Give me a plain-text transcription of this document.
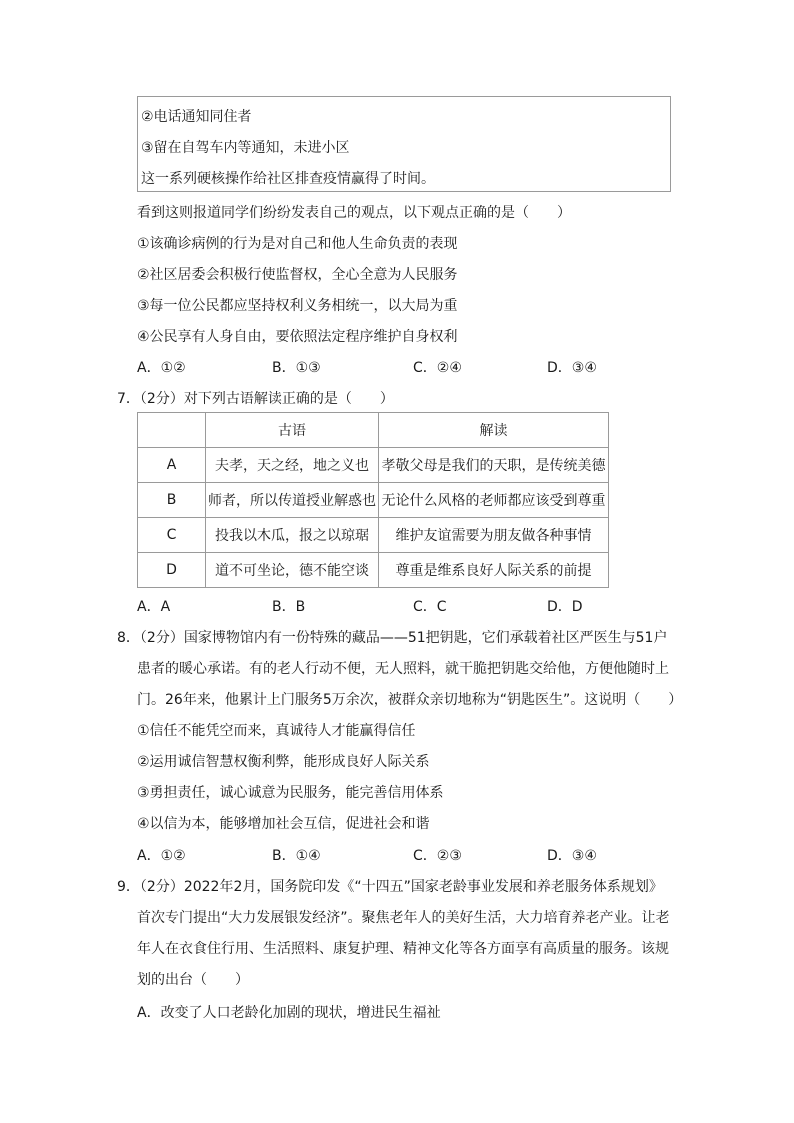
②电话通知同住者
③留在自驾车内等通知，未进小区
这一系列硬核操作给社区排查疫情赢得了时间。
看到这则报道同学们纷纷发表自己的观点，以下观点正确的是（　　）
①该确诊病例的行为是对自己和他人生命负责的表现
②社区居委会积极行使监督权，全心全意为人民服务
③每一位公民都应坚持权利义务相统一，以大局为重
④公民享有人身自由，要依照法定程序维护自身权利
A．①②	B．①③	C．②④	D．③④
7．（2分）对下列古语解读正确的是（　　）
	古语	解读
A	夫孝，天之经，地之义也	孝敬父母是我们的天职，是传统美德
B	师者，所以传道授业解惑也	无论什么风格的老师都应该受到尊重
C	投我以木瓜，报之以琼琚	维护友谊需要为朋友做各种事情
D	道不可坐论，德不能空谈	尊重是维系良好人际关系的前提
A．A	B．B	C．C	D．D
8．（2分）国家博物馆内有一份特殊的藏品——51把钥匙，它们承载着社区严医生与51户
患者的暖心承诺。有的老人行动不便，无人照料，就干脆把钥匙交给他，方便他随时上
门。26年来，他累计上门服务5万余次，被群众亲切地称为“钥匙医生”。这说明（　　）
①信任不能凭空而来，真诚待人才能赢得信任
②运用诚信智慧权衡利弊，能形成良好人际关系
③勇担责任，诚心诚意为民服务，能完善信用体系
④以信为本，能够增加社会互信，促进社会和谐
A．①②	B．①④	C．②③	D．③④
9．（2分）2022年2月，国务院印发《“十四五”国家老龄事业发展和养老服务体系规划》
首次专门提出“大力发展银发经济”。聚焦老年人的美好生活，大力培育养老产业。让老
年人在衣食住行用、生活照料、康复护理、精神文化等各方面享有高质量的服务。该规
划的出台（　　）
A．改变了人口老龄化加剧的现状，增进民生福祉
